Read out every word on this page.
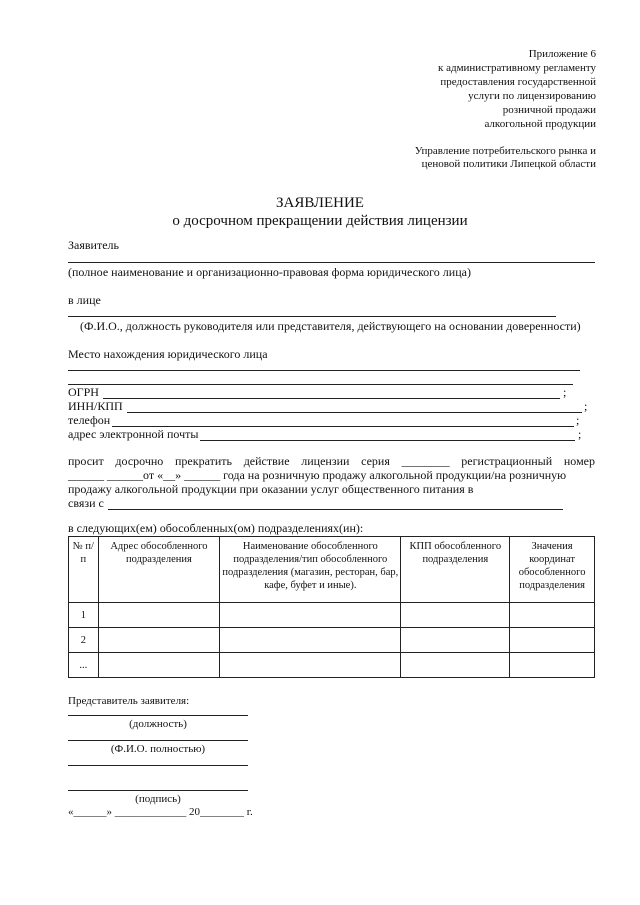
Приложение 6
к административному регламенту
предоставления государственной
услуги по лицензированию
розничной продажи
алкогольной продукции
Управление потребительского рынка и
ценовой политики Липецкой области
ЗАЯВЛЕНИЕ
о досрочном прекращении действия лицензии
Заявитель
(полное наименование и организационно-правовая форма юридического лица)
в лице
(Ф.И.О., должность руководителя или представителя, действующего на основании доверенности)
Место нахождения юридического лица
ОГРН	;
ИНН/КПП	;
телефон	;
адрес электронной почты	;
просит досрочно прекратить действие лицензии серия ________ регистрационный номер
______ ______от «__» ______ года на розничную продажу алкогольной продукции/на розничную
продажу алкогольной продукции при оказании услуг общественного питания в
связи с
в следующих(ем) обособленных(ом) подразделениях(ин):
№ п/п	Адрес обособленного подразделения	Наименование обособленного подразделения/тип обособленного подразделения (магазин, ресторан, бар, кафе, буфет и иные).	КПП обособленного подразделения	Значения координат обособленного подразделения
1				
2				
...				
Представитель заявителя:
(должность)
(Ф.И.О. полностью)
(подпись)
«______» _____________ 20________ г.
